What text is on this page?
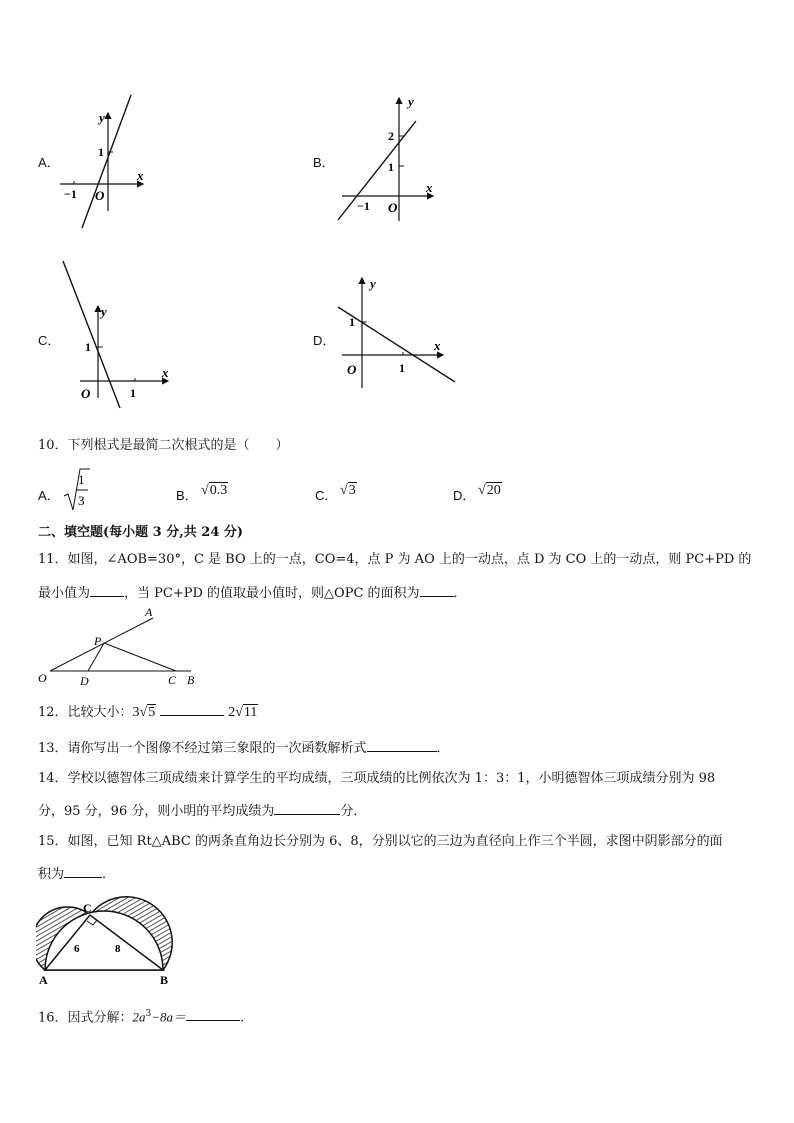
A．
y
x
1
−1 O
B．
y
x
2
1
−1 O
C．
y
x
1
1
O
D．
y
x
1
1
O
10．下列根式是最简二次根式的是（　　）
A．
1
3	B． √0.3	C． √3	D． √20
二、填空题(每小题 3 分,共 24 分)
11．如图，∠AOB=30°，C 是 BO 上的一点，CO=4，点 P 为 AO 上的一动点，点 D 为 CO 上的一动点，则 PC+PD 的
最小值为	，当 PC+PD 的值取最小值时，则△OPC 的面积为	．
A
P
O	D	C B
12．比较大小：3√5	2√11
13．请你写出一个图像不经过第三象限的一次函数解析式	．
14．学校以德智体三项成绩来计算学生的平均成绩，三项成绩的比例依次为 1：3：1，小明德智体三项成绩分别为 98
分，95 分，96 分，则小明的平均成绩为	分．
15．如图，已知 Rt△ABC 的两条直角边长分别为 6、8，分别以它的三边为直径向上作三个半圆，求图中阴影部分的面
积为	．
C
A	B
6	8
16．因式分解：$2a^3-8a=$	.
